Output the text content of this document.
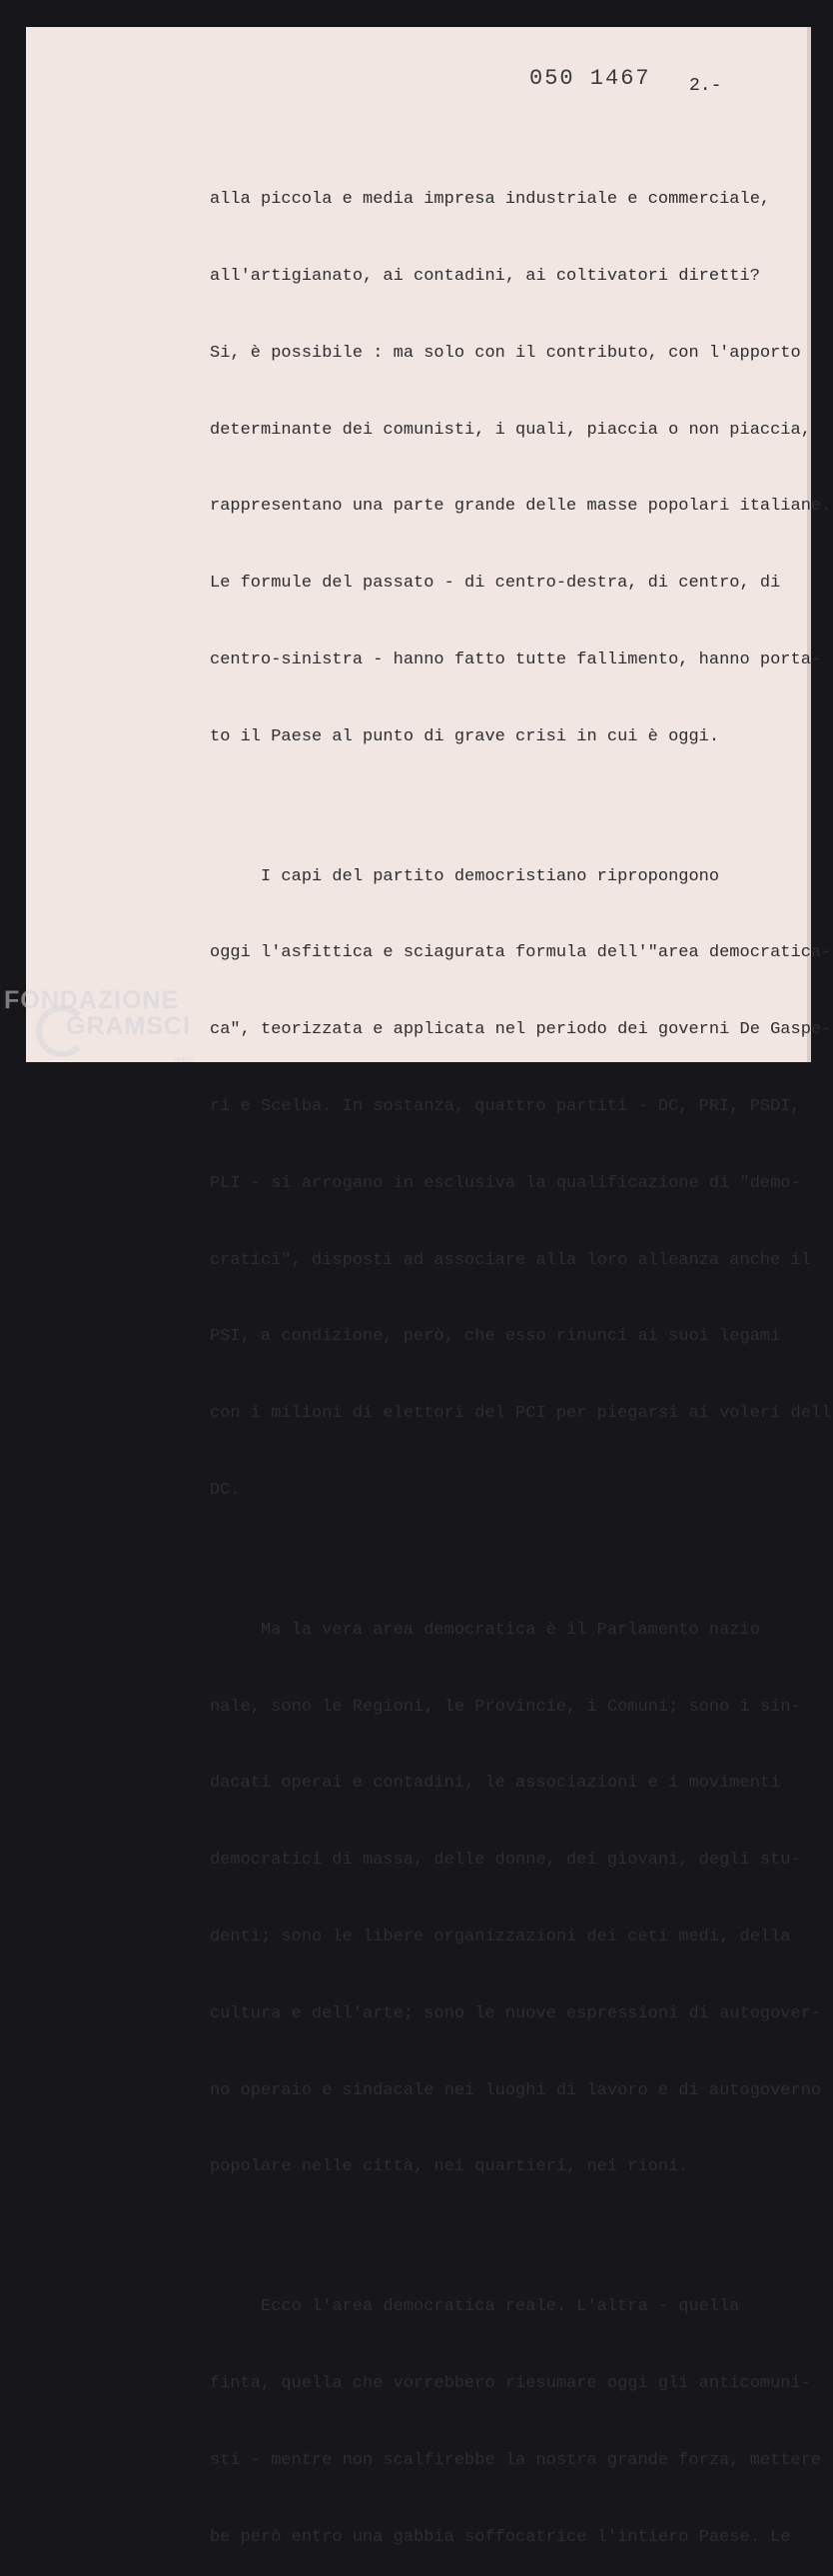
050 1467 2.-

alla piccola e media impresa industriale e commerciale,

all'artigianato, ai contadini, ai coltivatori diretti?

Si, è possibile : ma solo con il contributo, con l'apporto

determinante dei comunisti, i quali, piaccia o non piaccia,

rappresentano una parte grande delle masse popolari italiane.

Le formule del passato - di centro-destra, di centro, di

centro-sinistra - hanno fatto tutte fallimento, hanno porta-

to il Paese al punto di grave crisi in cui è oggi.

I capi del partito democristiano ripropongono

oggi l'asfittica e sciagurata formula dell'"area democratica-

ca", teorizzata e applicata nel periodo dei governi De Gaspe-

ri e Scelba. In sostanza, quattro partiti - DC, PRI, PSDI,

PLI - si arrogano in esclusiva la qualificazione di "demo-

cratici", disposti ad associare alla loro alleanza anche il

PSI, a condizione, però, che esso rinunci ai suoi legami

con i milioni di elettori del PCI per piegarsi ai voleri dell

DC.

Ma la vera area democratica è il Parlamento nazio

nale, sono le Regioni, le Provincie, i Comuni; sono i sin-

dacati operai e contadini, le associazioni e i movimenti

democratici di massa, delle donne, dei giovani, degli stu-

denti; sono le libere organizzazioni dei ceti medi, della

cultura e dell'arte; sono le nuove espressioni di autogover-

no operaio e sindacale nei luoghi di lavoro e di autogoverno

popolare nelle città, nei quartieri, nei rioni.

Ecco l'area democratica reale. L'altra - quella

finta, quella che vorrebbero riesumare oggi gli anticomuni-

sti - mentre non scalfirebbe la nostra grande forza, mettere

be però entro una gabbia soffocatrice l'intiero Paese. Le

FONDAZIONE
GRAMSCI
onlus
